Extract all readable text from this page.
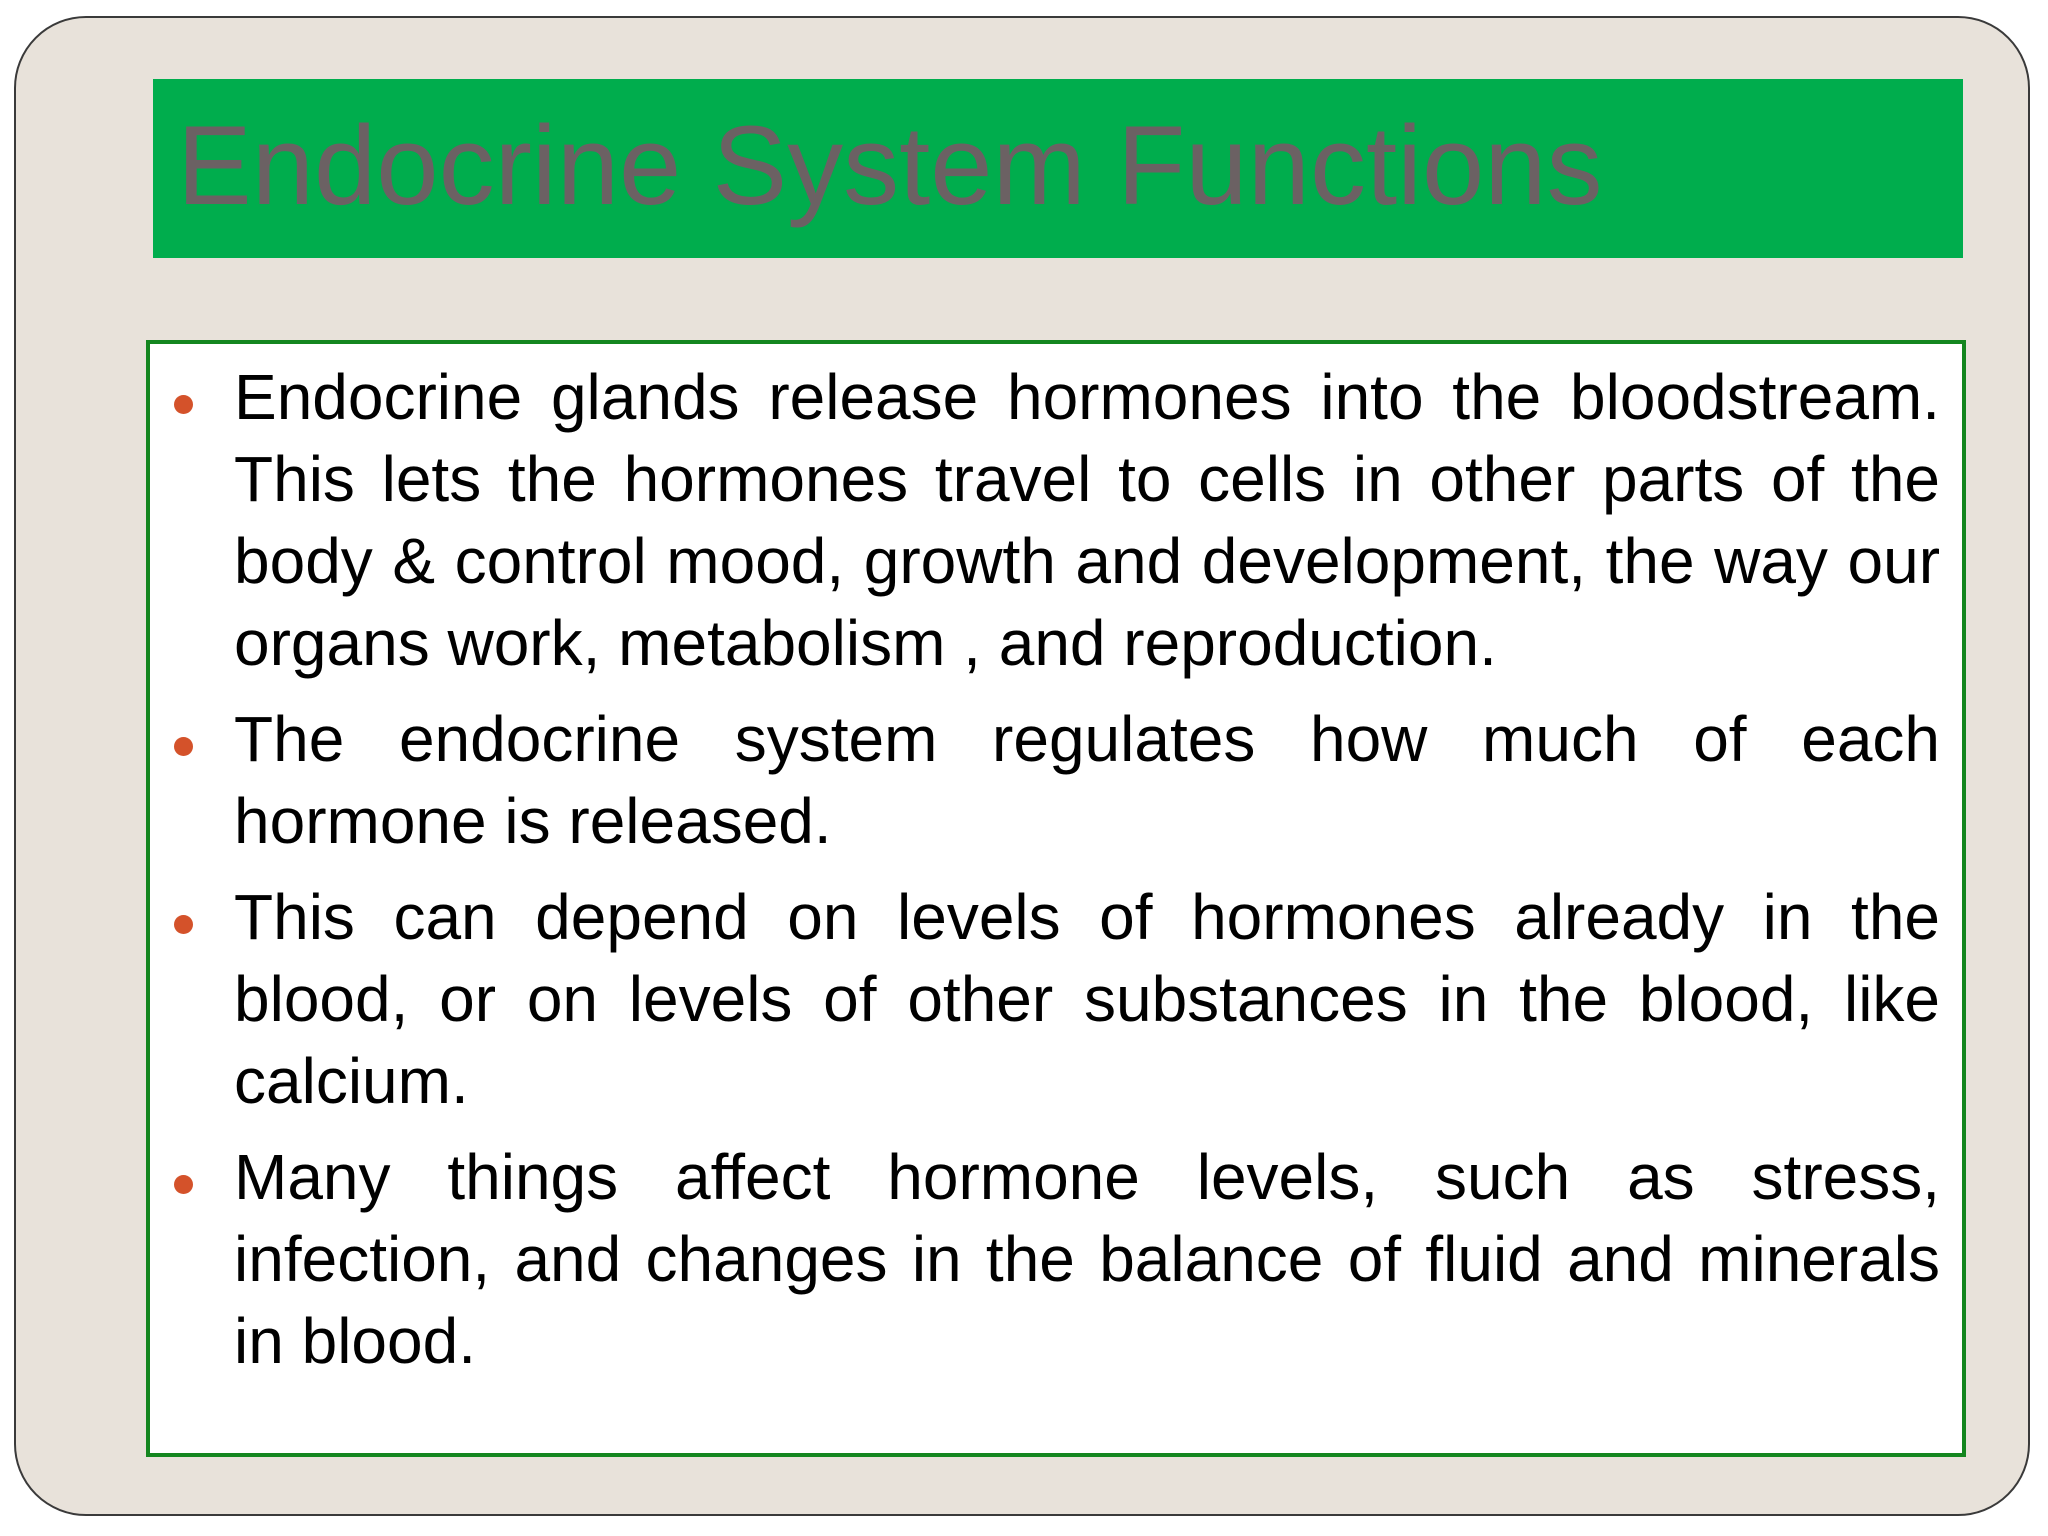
Endocrine System Functions
Endocrine glands release hormones into the bloodstream. This lets the hormones travel to cells in other parts of the body & control mood, growth and development, the way our organs work, metabolism , and reproduction.
The endocrine system regulates how much of each hormone is released.
This can depend on levels of hormones already in the blood, or on levels of other substances in the blood, like calcium.
Many things affect hormone levels, such as stress, infection, and changes in the balance of fluid and minerals in blood.
